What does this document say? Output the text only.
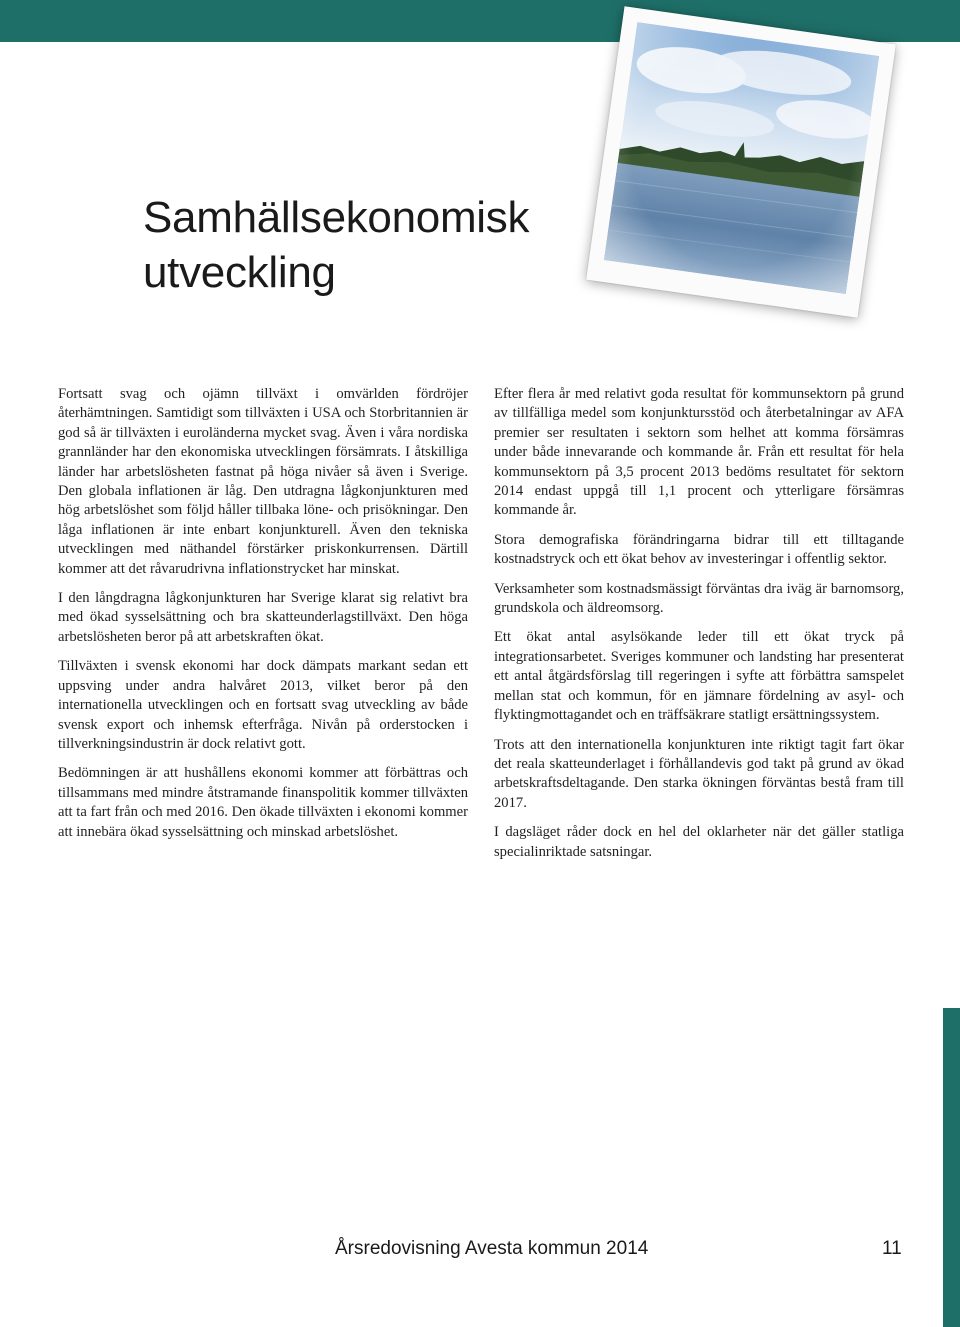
Samhällsekonomisk
utveckling

Fortsatt svag och ojämn tillväxt i omvärlden fördröjer återhämtningen. Samtidigt som tillväxten i USA och Storbritannien är god så är tillväxten i euroländerna mycket svag. Även i våra nordiska grannländer har den ekonomiska utvecklingen försämrats. I åtskilliga länder har arbetslösheten fastnat på höga nivåer så även i Sverige. Den globala inflationen är låg. Den utdragna lågkonjunkturen med hög arbetslöshet som följd håller tillbaka löne- och prisökningar. Den låga inflationen är inte enbart konjunkturell. Även den tekniska utvecklingen med näthandel förstärker priskonkurrensen. Därtill kommer att det råvarudrivna inflationstrycket har minskat.

I den långdragna lågkonjunkturen har Sverige klarat sig relativt bra med ökad sysselsättning och bra skatteunderlagstillväxt. Den höga arbetslösheten beror på att arbetskraften ökat.

Tillväxten i svensk ekonomi har dock dämpats markant sedan ett uppsving under andra halvåret 2013, vilket beror på den internationella utvecklingen och en fortsatt svag utveckling av både svensk export och inhemsk efterfråga. Nivån på orderstocken i tillverkningsindustrin är dock relativt gott.

Bedömningen är att hushållens ekonomi kommer att förbättras och tillsammans med mindre åtstramande finanspolitik kommer tillväxten att ta fart från och med 2016. Den ökade tillväxten i ekonomi kommer att innebära ökad sysselsättning och minskad arbetslöshet.

Efter flera år med relativt goda resultat för kommunsektorn på grund av tillfälliga medel som konjunktursstöd och återbetalningar av AFA premier ser resultaten i sektorn som helhet att komma försämras under både innevarande och kommande år. Från ett resultat för hela kommunsektorn på 3,5 procent 2013 bedöms resultatet för sektorn 2014 endast uppgå till 1,1 procent och ytterligare försämras kommande år.

Stora demografiska förändringarna bidrar till ett tilltagande kostnadstryck och ett ökat behov av investeringar i offentlig sektor.

Verksamheter som kostnadsmässigt förväntas dra iväg är barnomsorg, grundskola och äldreomsorg.

Ett ökat antal asylsökande leder till ett ökat tryck på integrationsarbetet. Sveriges kommuner och landsting har presenterat ett antal åtgärdsförslag till regeringen i syfte att förbättra samspelet mellan stat och kommun, för en jämnare fördelning av asyl- och flyktingmottagandet och en träffsäkrare statligt ersättningssystem.

Trots att den internationella konjunkturen inte riktigt tagit fart ökar det reala skatteunderlaget i förhållandevis god takt på grund av ökad arbetskraftsdeltagande. Den starka ökningen förväntas bestå fram till 2017.

I dagsläget råder dock en hel del oklarheter när det gäller statliga specialinriktade satsningar.

Årsredovisning Avesta kommun 2014	11
